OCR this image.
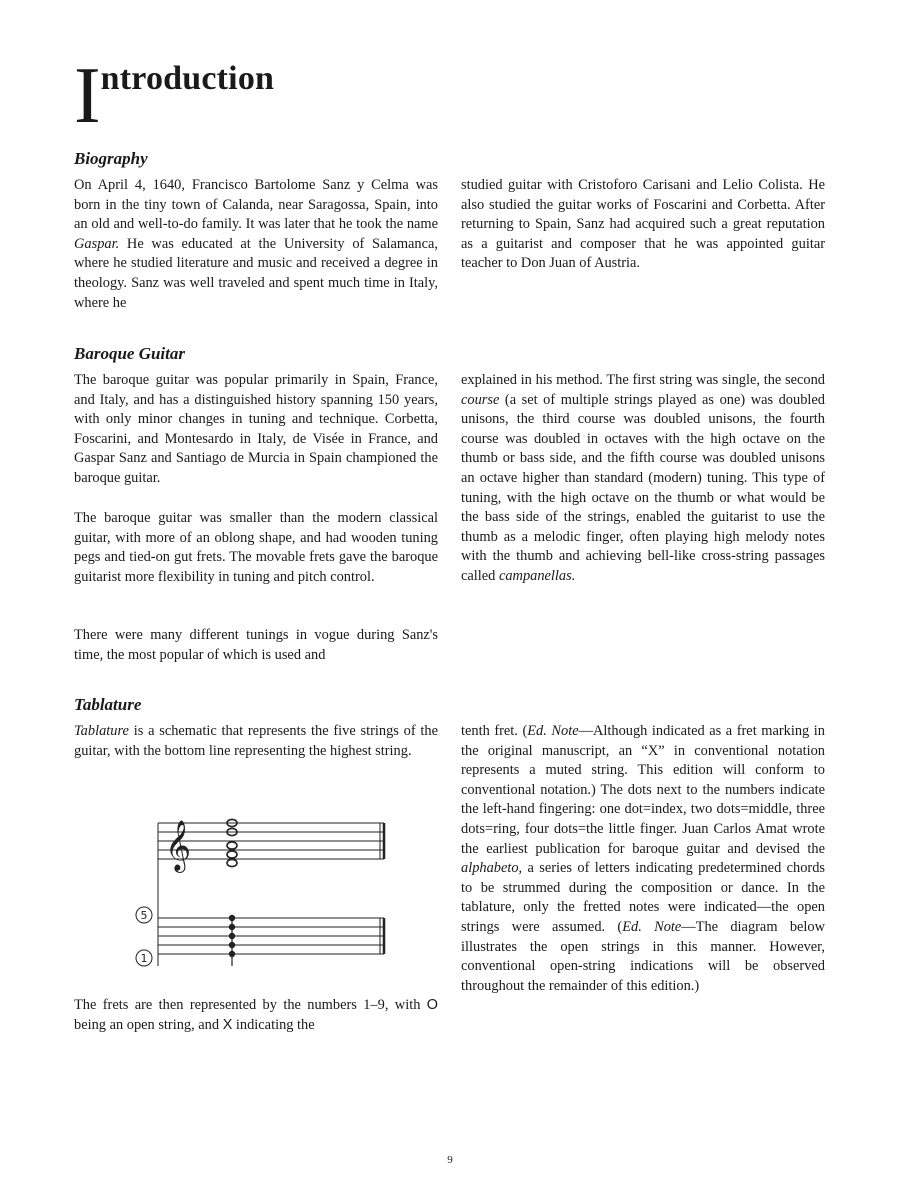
Introduction
Biography

On April 4, 1640, Francisco Bartolome Sanz y Celma was born in the tiny town of Calanda, near Saragossa, Spain, into an old and well-to-do family. It was later that he took the name Gaspar. He was educated at the University of Salamanca, where he studied literature and music and received a degree in theology. Sanz was well traveled and spent much time in Italy, where he

studied guitar with Cristoforo Carisani and Lelio Colista. He also studied the guitar works of Foscarini and Corbetta. After returning to Spain, Sanz had acquired such a great reputation as a guitarist and composer that he was appointed guitar teacher to Don Juan of Austria.

Baroque Guitar

The baroque guitar was popular primarily in Spain, France, and Italy, and has a distinguished history spanning 150 years, with only minor changes in tuning and technique. Corbetta, Foscarini, and Montesardo in Italy, de Visée in France, and Gaspar Sanz and Santiago de Murcia in Spain championed the baroque guitar.

The baroque guitar was smaller than the modern classical guitar, with more of an oblong shape, and had wooden tuning pegs and tied-on gut frets. The movable frets gave the baroque guitarist more flexibility in tuning and pitch control.

There were many different tunings in vogue during Sanz's time, the most popular of which is used and

explained in his method. The first string was single, the second course (a set of multiple strings played as one) was doubled unisons, the third course was doubled unisons, the fourth course was doubled in octaves with the high octave on the thumb or bass side, and the fifth course was doubled unisons an octave higher than standard (modern) tuning. This type of tuning, with the high octave on the thumb or what would be the bass side of the strings, enabled the guitarist to use the thumb as a melodic finger, often playing high melody notes with the thumb and achieving bell-like cross-string passages called campanellas.

Tablature

Tablature is a schematic that represents the five strings of the guitar, with the bottom line representing the highest string.

𝄞
5
1

The frets are then represented by the numbers 1–9, with O being an open string, and X indicating the

tenth fret. (Ed. Note—Although indicated as a fret marking in the original manuscript, an “X” in conventional notation represents a muted string. This edition will conform to conventional notation.) The dots next to the numbers indicate the left-hand fingering: one dot=index, two dots=middle, three dots=ring, four dots=the little finger. Juan Carlos Amat wrote the earliest publication for baroque guitar and devised the alphabeto, a series of letters indicating predetermined chords to be strummed during the composition or dance. In the tablature, only the fretted notes were indicated—the open strings were assumed. (Ed. Note—The diagram below illustrates the open strings in this manner. However, conventional open-string indications will be observed throughout the remainder of this edition.)

9
